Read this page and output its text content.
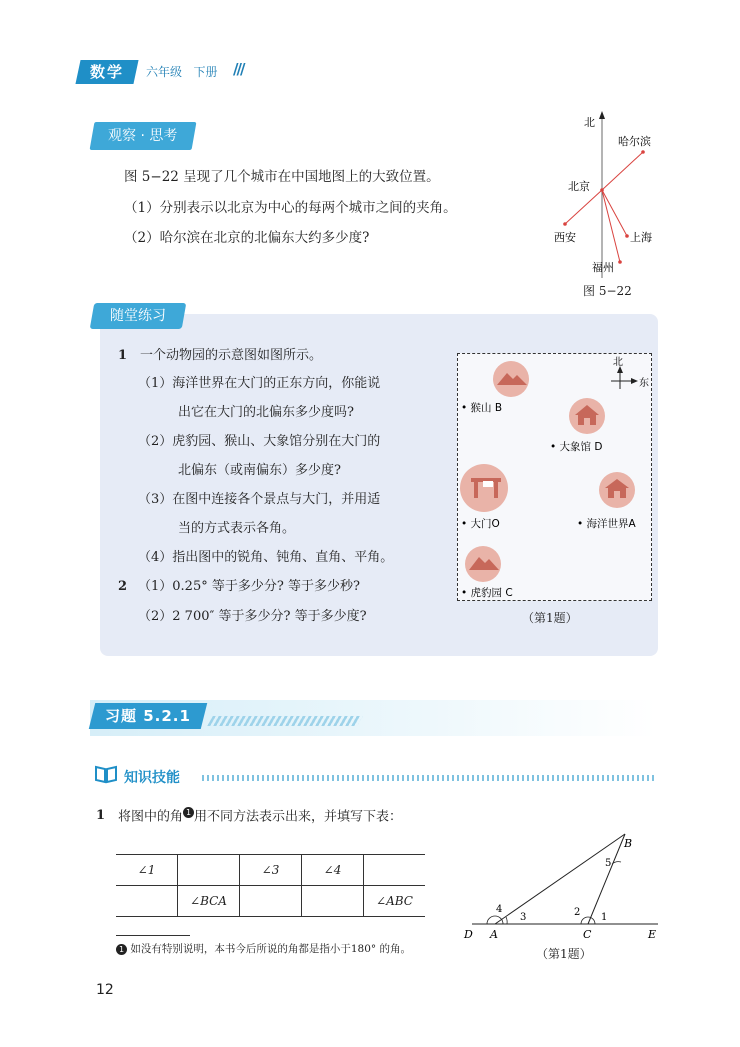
数学	六年级 下册 ///
观察 · 思考
图 5−22 呈现了几个城市在中国地图上的大致位置。
（1）分别表示以北京为中心的每两个城市之间的夹角。
（2）哈尔滨在北京的北偏东大约多少度?
北
北京
哈尔滨
西安	上海
福州
图 5−22
随堂练习
1 一个动物园的示意图如图所示。
（1）海洋世界在大门的正东方向，你能说
出它在大门的北偏东多少度吗?
（2）虎豹园、猴山、大象馆分别在大门的
北偏东（或南偏东）多少度?
（3）在图中连接各个景点与大门，并用适
当的方式表示各角。
（4）指出图中的锐角、钝角、直角、平角。
2 （1）0.25° 等于多少分? 等于多少秒?
（2）2 700″ 等于多少分? 等于多少度?
北
东
• 猴山 B
• 大象馆 D
• 大门O	• 海洋世界A
• 虎豹园 C
（第1题）
习题 5.2.1
知识技能
1 将图中的角 1 用不同方法表示出来，并填写下表：
∠1		∠3	∠4	
	∠BCA			∠ABC
1 如没有特别说明，本书今后所说的角都是指小于180° 的角。
D A	C	E
B
1
2
3
4
5
（第1题）
12
